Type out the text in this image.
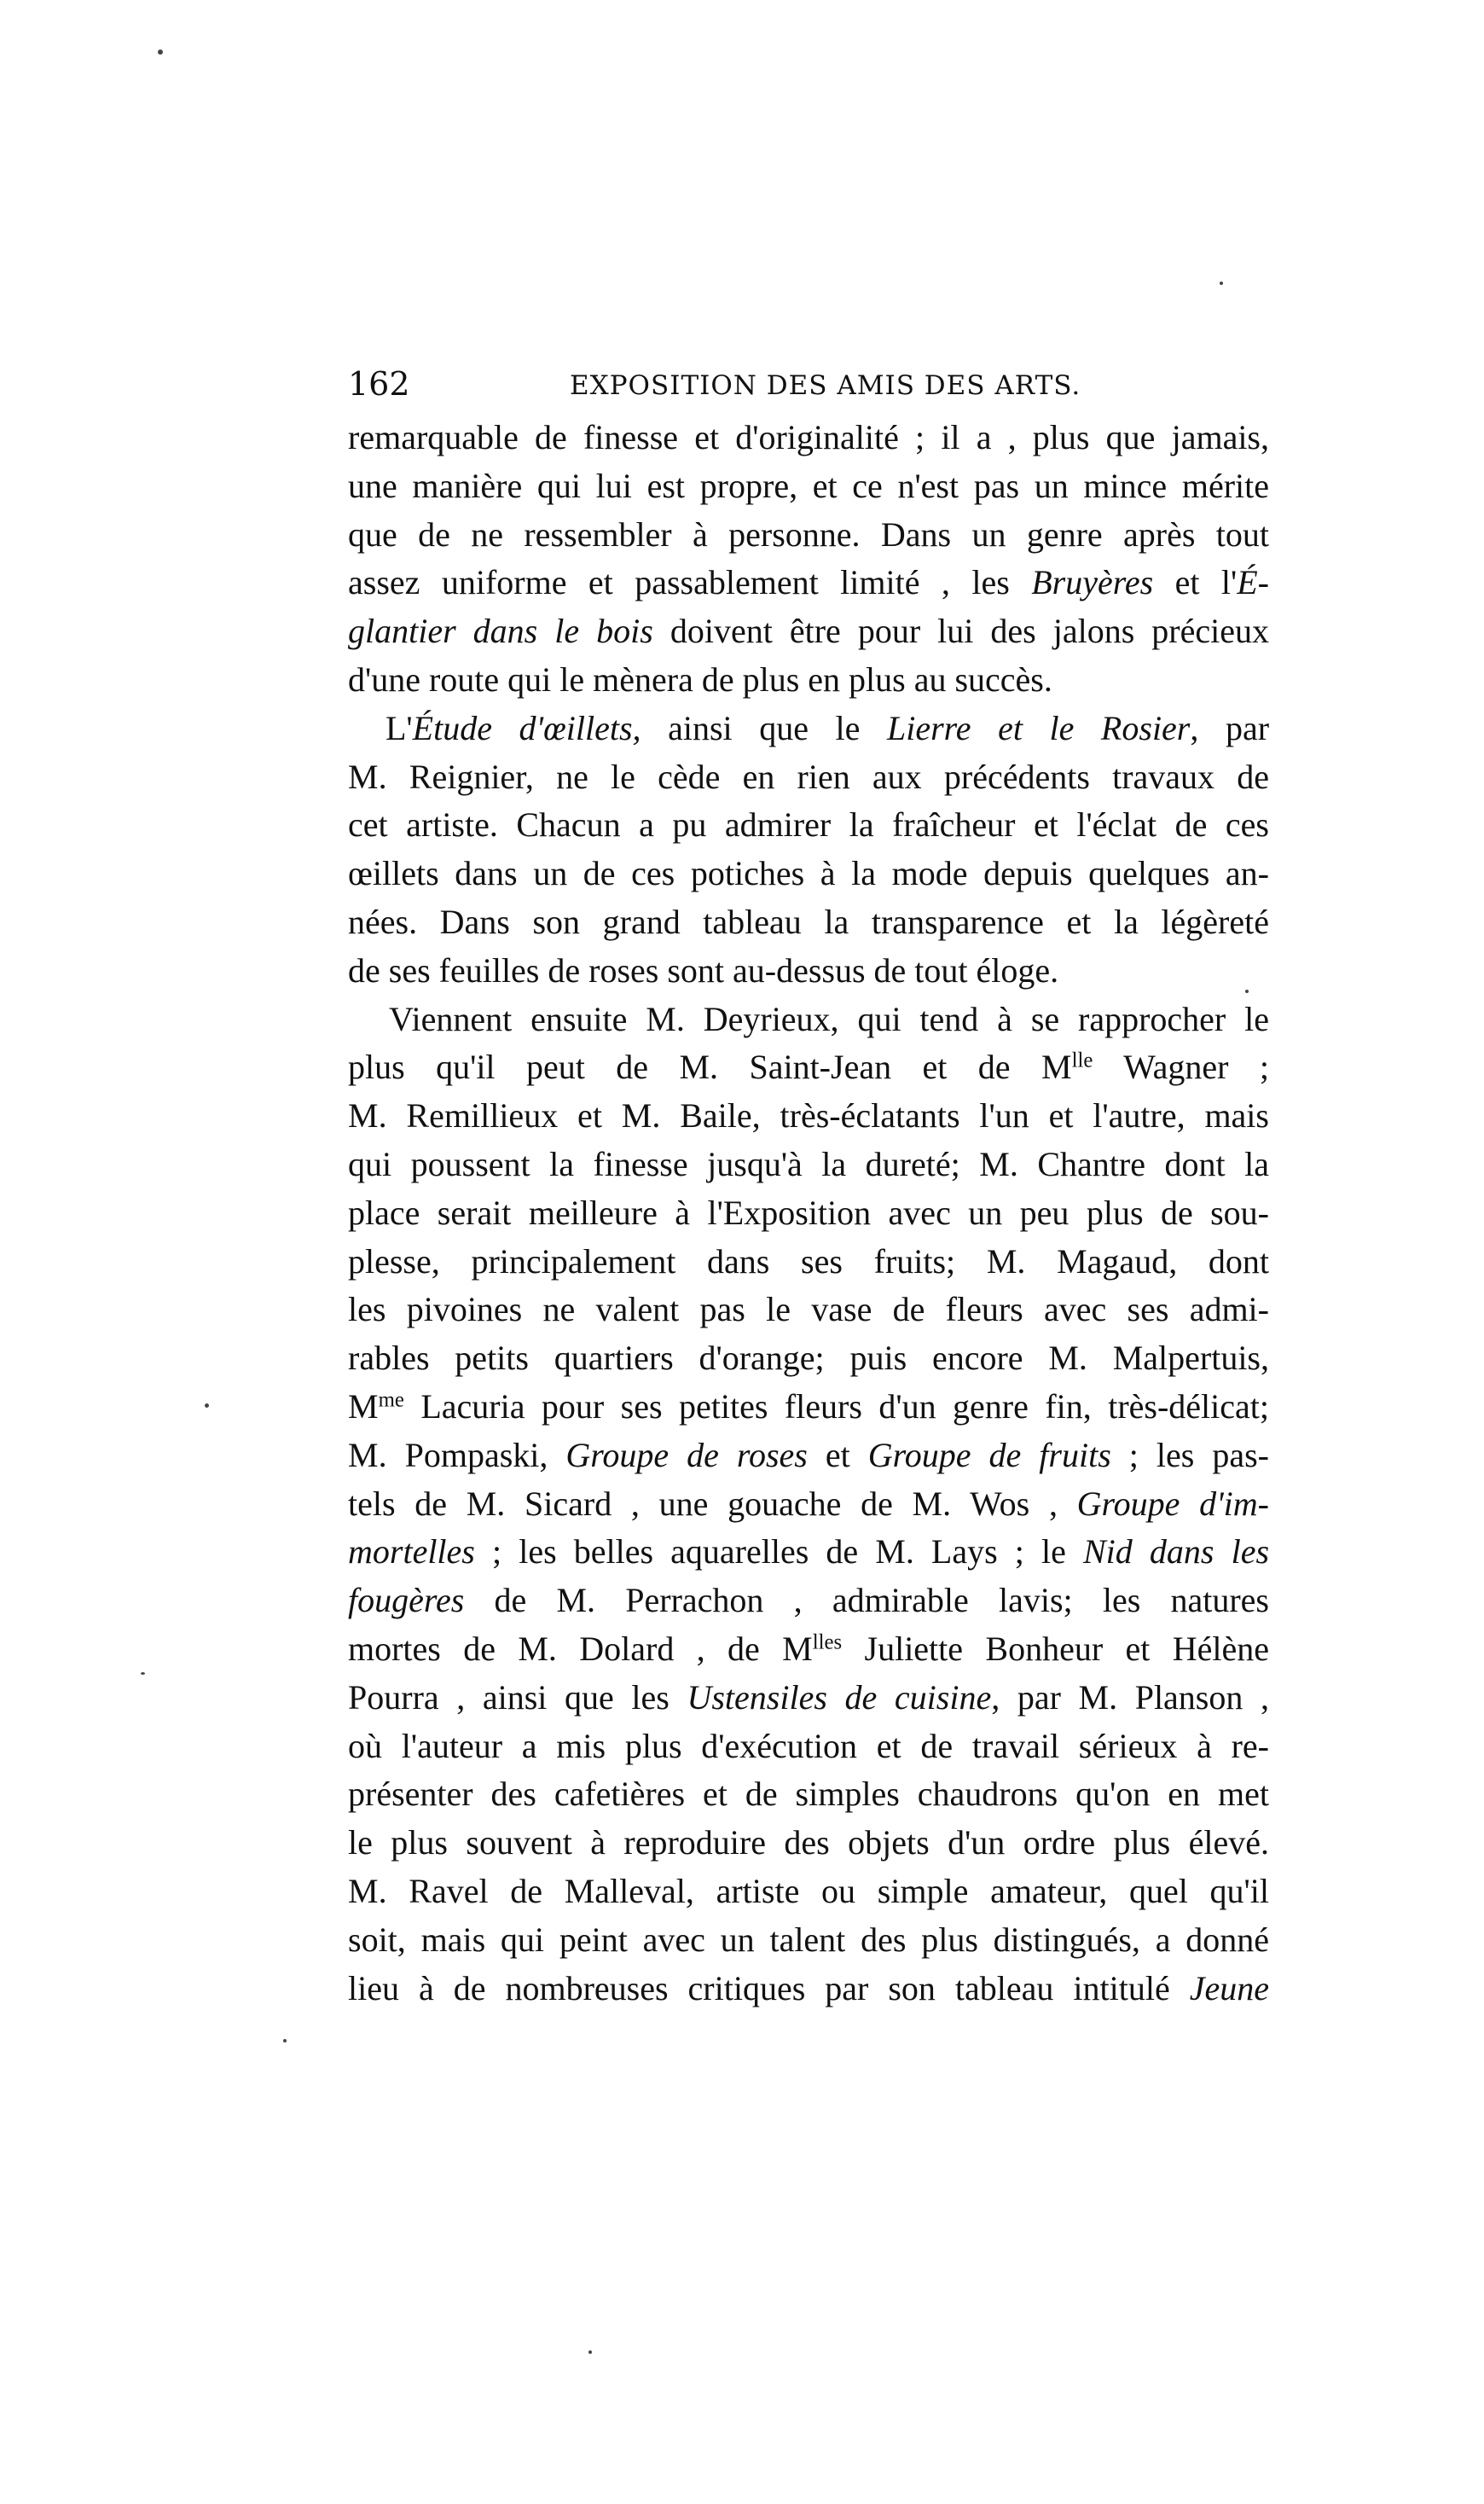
162	EXPOSITION DES AMIS DES ARTS.
remarquable de finesse et d'originalité ; il a , plus que jamais,
une manière qui lui est propre, et ce n'est pas un mince mérite
que de ne ressembler à personne. Dans un genre après tout
assez uniforme et passablement limité , les Bruyères et l'É-
glantier dans le bois doivent être pour lui des jalons précieux
d'une route qui le mènera de plus en plus au succès.
L'Étude d'œillets, ainsi que le Lierre et le Rosier, par
M. Reignier, ne le cède en rien aux précédents travaux de
cet artiste. Chacun a pu admirer la fraîcheur et l'éclat de ces
œillets dans un de ces potiches à la mode depuis quelques an-
nées. Dans son grand tableau la transparence et la légèreté
de ses feuilles de roses sont au-dessus de tout éloge.
Viennent ensuite M. Deyrieux, qui tend à se rapprocher le
plus qu'il peut de M. Saint-Jean et de $M^{lle}$ Wagner ;
M. Remillieux et M. Baile, très-éclatants l'un et l'autre, mais
qui poussent la finesse jusqu'à la dureté; M. Chantre dont la
place serait meilleure à l'Exposition avec un peu plus de sou-
plesse, principalement dans ses fruits; M. Magaud, dont
les pivoines ne valent pas le vase de fleurs avec ses admi-
rables petits quartiers d'orange; puis encore M. Malpertuis,
$M^{me}$ Lacuria pour ses petites fleurs d'un genre fin, très-délicat;
M. Pompaski, Groupe de roses et Groupe de fruits ; les pas-
tels de M. Sicard , une gouache de M. Wos , Groupe d'im-
mortelles ; les belles aquarelles de M. Lays ; le Nid dans les
fougères de M. Perrachon , admirable lavis; les natures
mortes de M. Dolard , de $M^{lles}$ Juliette Bonheur et Hélène
Pourra , ainsi que les Ustensiles de cuisine, par M. Planson ,
où l'auteur a mis plus d'exécution et de travail sérieux à re-
présenter des cafetières et de simples chaudrons qu'on en met
le plus souvent à reproduire des objets d'un ordre plus élevé.
M. Ravel de Malleval, artiste ou simple amateur, quel qu'il
soit, mais qui peint avec un talent des plus distingués, a donné
lieu à de nombreuses critiques par son tableau intitulé Jeune
